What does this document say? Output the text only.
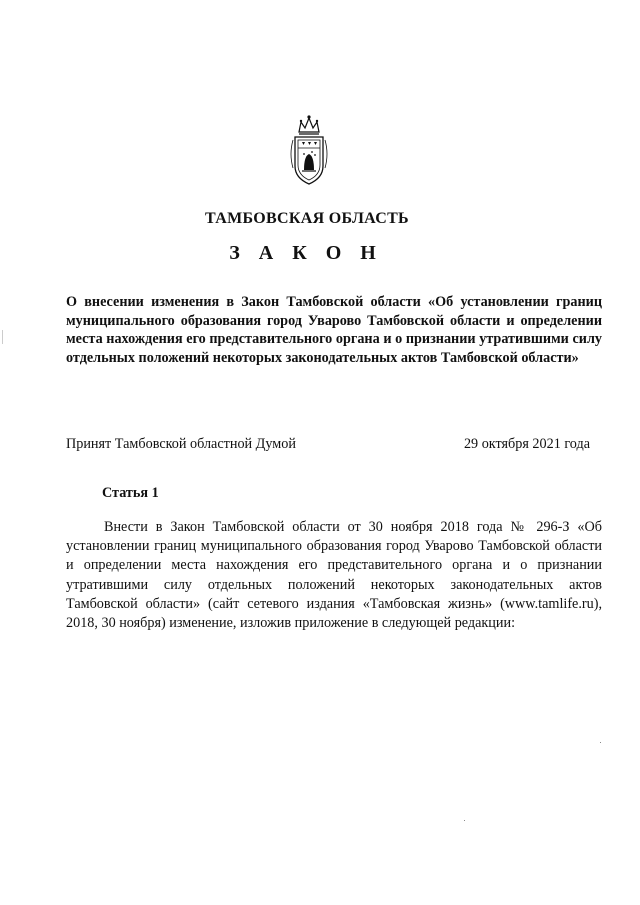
ТАМБОВСКАЯ ОБЛАСТЬ
З А К О Н
О внесении изменения в Закон Тамбовской области «Об установлении границ муниципального образования город Уварово Тамбовской области и определении места нахождения его представительного органа и о признании утратившими силу отдельных положений некоторых законодательных актов Тамбовской области»
Принят Тамбовской областной Думой	29 октября 2021 года
Статья 1
Внести в Закон Тамбовской области от 30 ноября 2018 года № 296-З «Об установлении границ муниципального образования город Уварово Тамбовской области и определении места нахождения его представительного органа и о признании утратившими силу отдельных положений некоторых законодательных актов Тамбовской области» (сайт сетевого издания «Тамбовская жизнь» (www.tamlife.ru), 2018, 30 ноября) изменение, изложив приложение в следующей редакции:
